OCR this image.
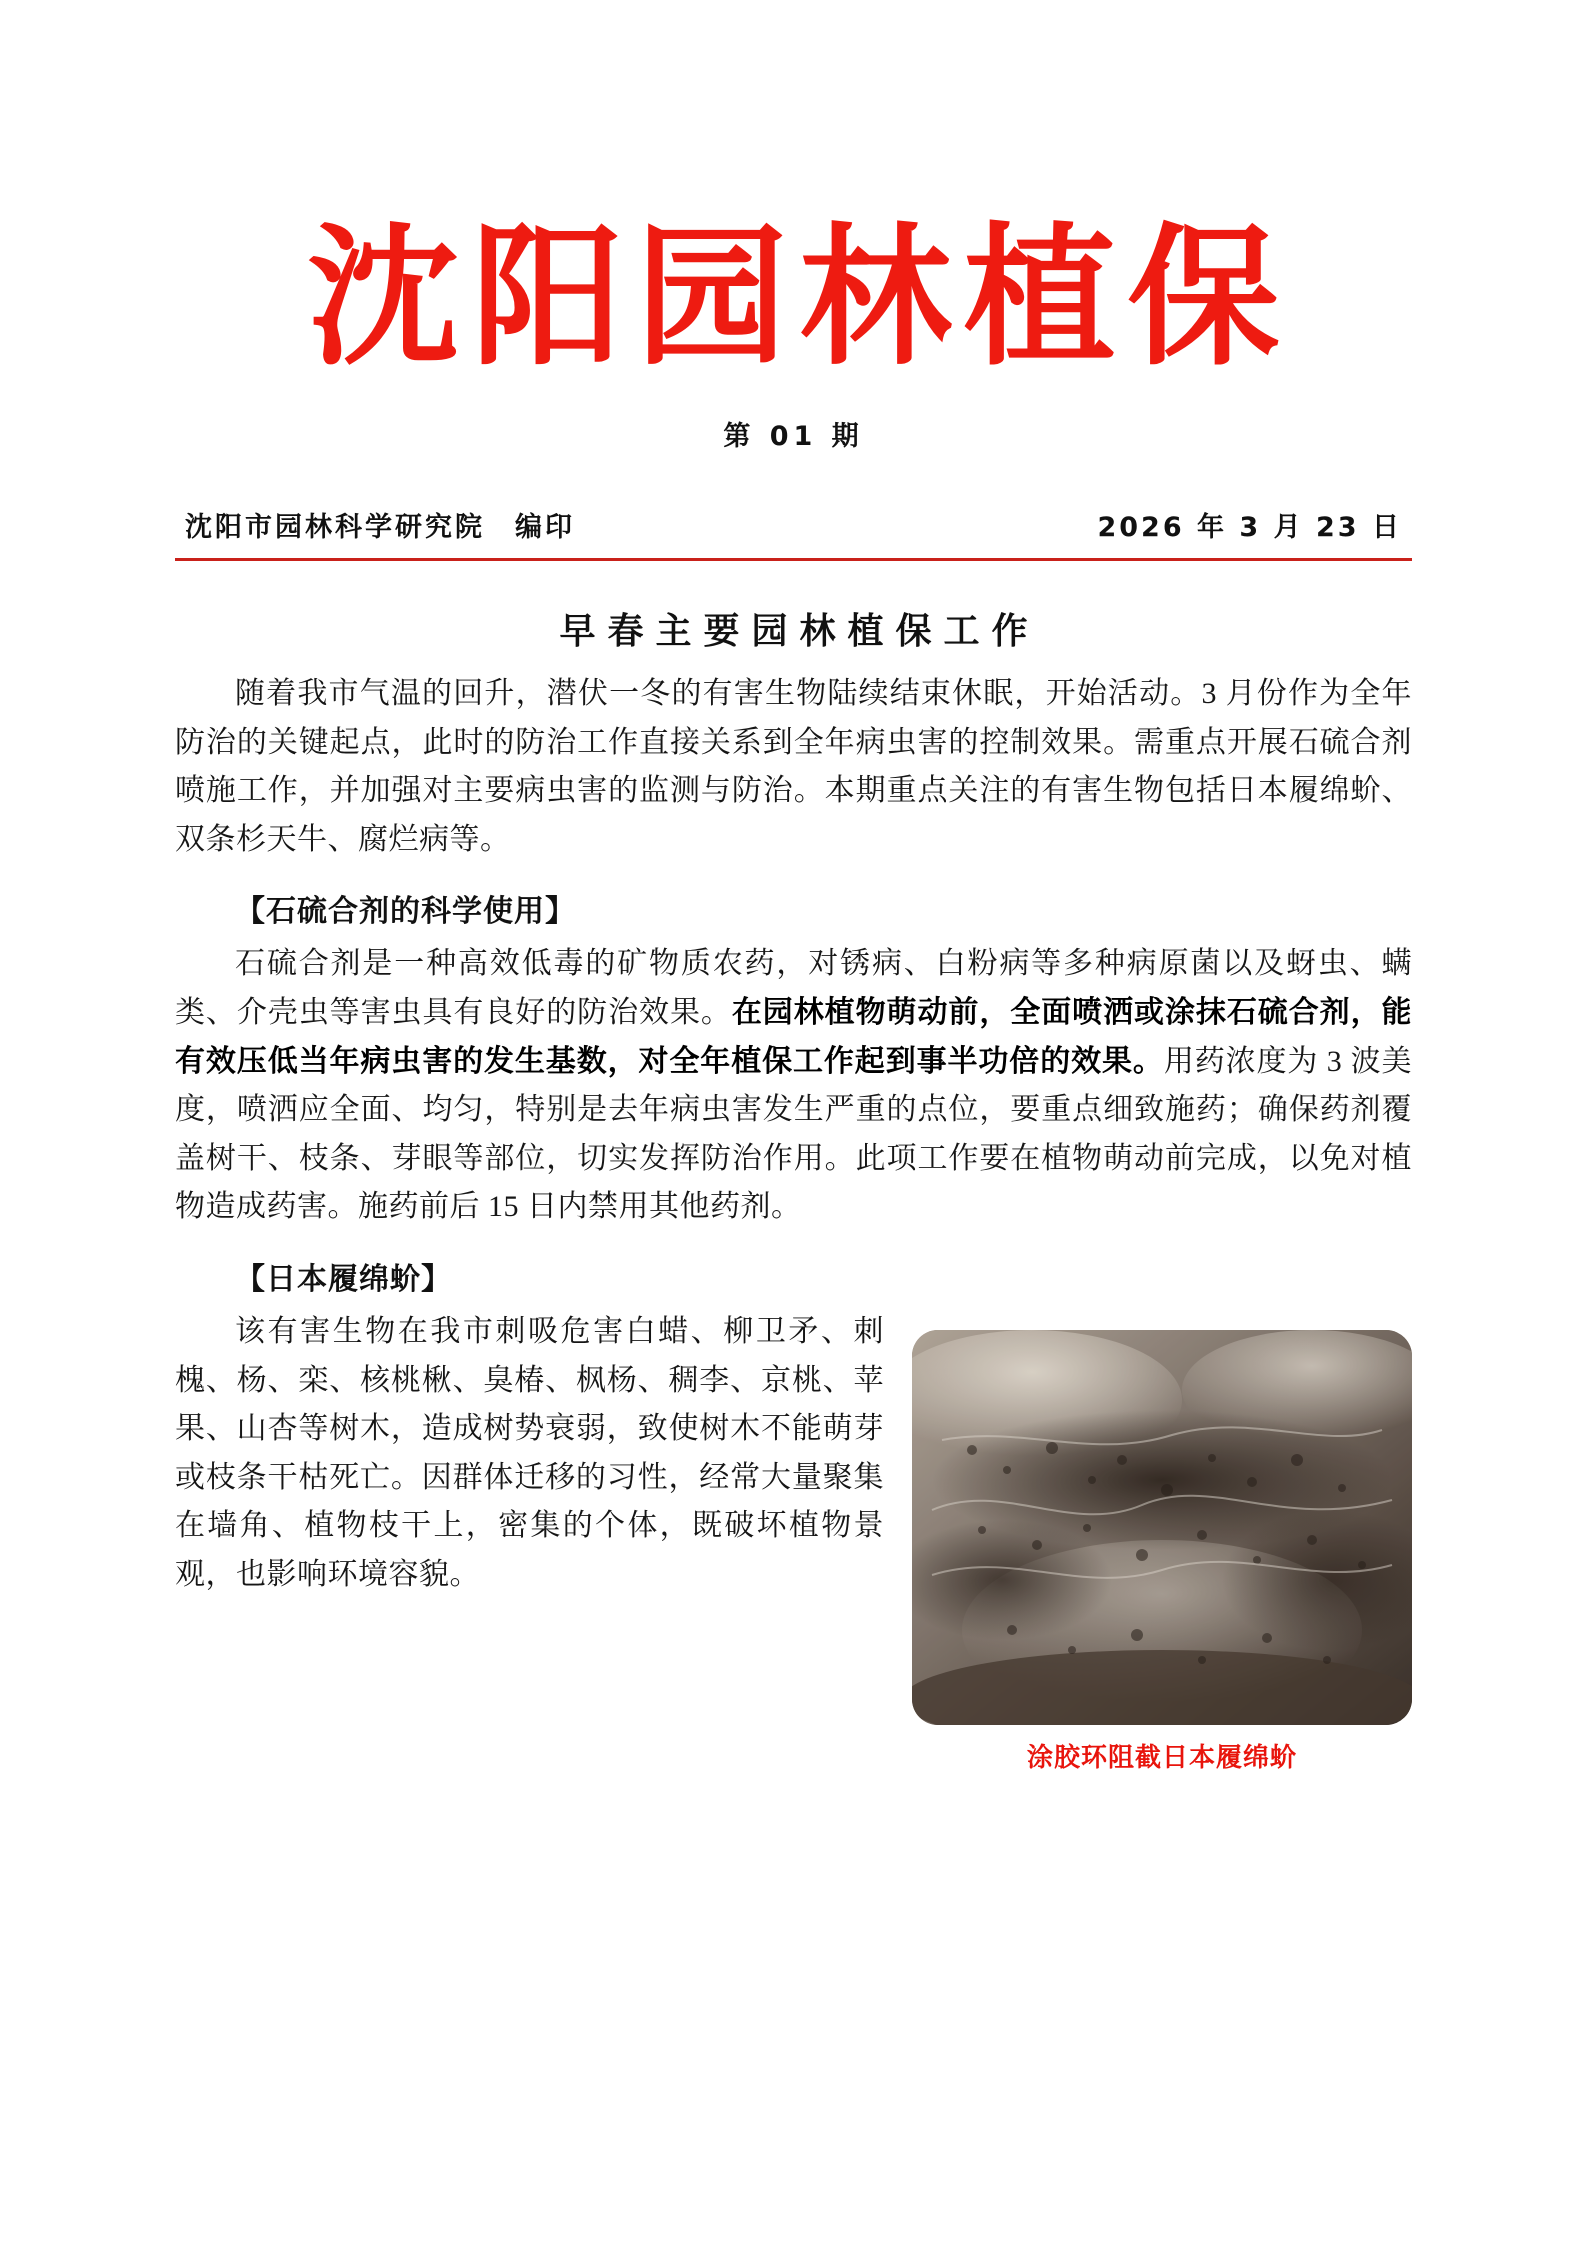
沈阳园林植保
第 01 期
沈阳市园林科学研究院　编印	2026 年 3 月 23 日
早春主要园林植保工作

随着我市气温的回升，潜伏一冬的有害生物陆续结束休眠，开始活动。3 月份作为全年防治的关键起点，此时的防治工作直接关系到全年病虫害的控制效果。需重点开展石硫合剂喷施工作，并加强对主要病虫害的监测与防治。本期重点关注的有害生物包括日本履绵蚧、双条杉天牛、腐烂病等。

【石硫合剂的科学使用】

石硫合剂是一种高效低毒的矿物质农药，对锈病、白粉病等多种病原菌以及蚜虫、螨类、介壳虫等害虫具有良好的防治效果。在园林植物萌动前，全面喷洒或涂抹石硫合剂，能有效压低当年病虫害的发生基数，对全年植保工作起到事半功倍的效果。用药浓度为 3 波美度，喷洒应全面、均匀，特别是去年病虫害发生严重的点位，要重点细致施药；确保药剂覆盖树干、枝条、芽眼等部位，切实发挥防治作用。此项工作要在植物萌动前完成，以免对植物造成药害。施药前后 15 日内禁用其他药剂。

【日本履绵蚧】
涂胶环阻截日本履绵蚧

该有害生物在我市刺吸危害白蜡、柳卫矛、刺槐、杨、栾、核桃楸、臭椿、枫杨、稠李、京桃、苹果、山杏等树木，造成树势衰弱，致使树木不能萌芽或枝条干枯死亡。因群体迁移的习性，经常大量聚集在墙角、植物枝干上，密集的个体，既破坏植物景观，也影响环境容貌。
